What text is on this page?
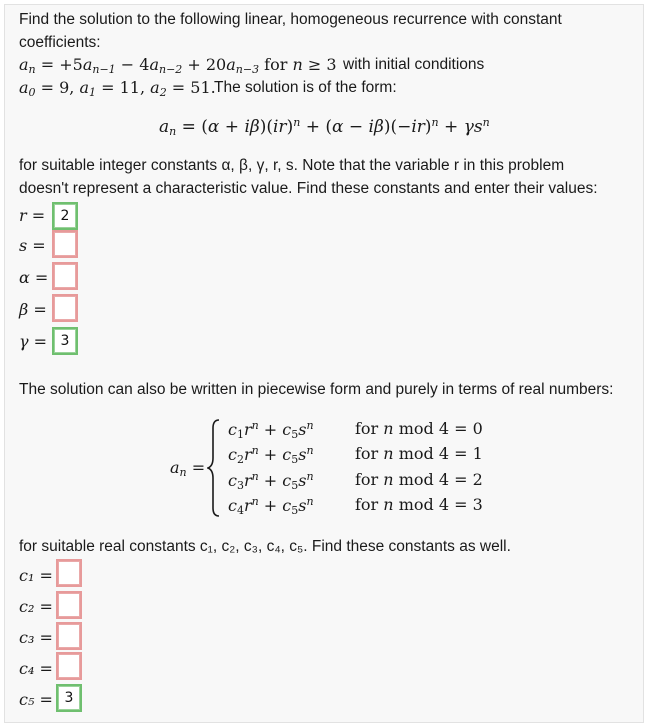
Find the solution to the following linear, homogeneous recurrence with constant
coefficients:
$a_n = +5a_{n-1} - 4a_{n-2} + 20a_{n-3}$ for n ≥ 3 with initial conditions
$a_0 = 9$, $a_1 = 11$, $a_2 = 51$.
The solution is of the form:
$a_n = (\alpha + i\beta)(ir)^n + (\alpha - i\beta)(-ir)^n + \gamma s^n$
for suitable integer constants α, β, γ, r, s. Note that the variable r in this problem
doesn't represent a characteristic value. Find these constants and enter their values:
r =	2
s =
α =
β =
γ = 3
The solution can also be written in piecewise form and purely in terms of real numbers:
$a_n$ =
$c_1r^n + c_5s^n$
$c_2r^n + c_5s^n$
$c_3r^n + c_5s^n$
$c_4r^n + c_5s^n$
for n mod 4 = 0
for n mod 4 = 1
for n mod 4 = 2
for n mod 4 = 3
for suitable real constants c₁, c₂, c₃, c₄, c₅. Find these constants as well.
c₁ =
c₂ =
c₃ =
c₄ =
c₅ = 3
